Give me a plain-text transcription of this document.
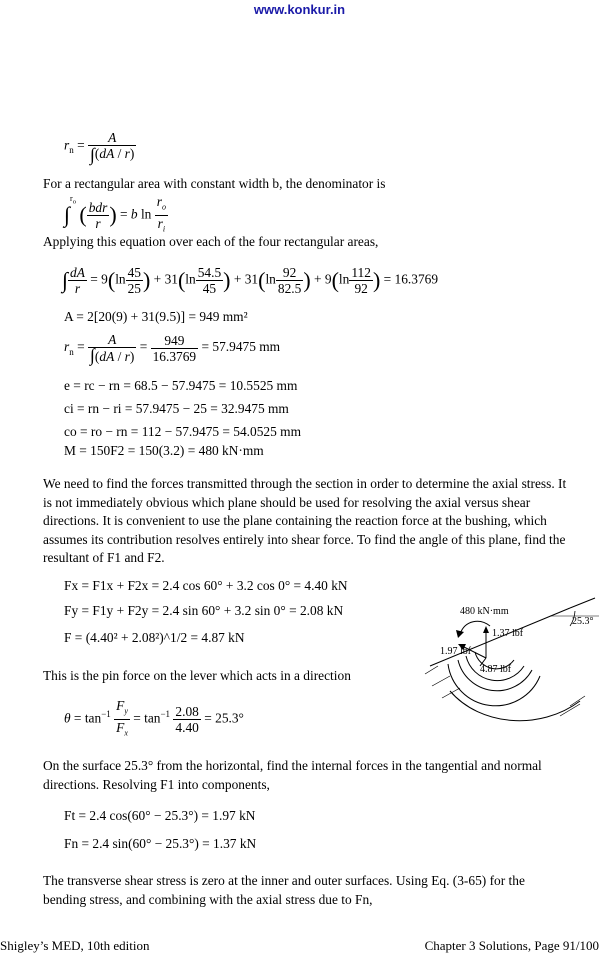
www.konkur.in
$r_n = \frac{A}{\int(dA / r)}$
For a rectangular area with constant width b, the denominator is
∫$^{r_o}$ ( $\frac{\text{bdr}}{r}$ ) = b $\ln \frac{r_o}{r_i}$
Applying this equation over each of the four rectangular areas,
∫ $\frac{dA}{r} = 9(\ln \frac{45}{25}$ ) + $31(\ln \frac{54.5}{45}$ ) + $31(\ln \frac{92}{82.5}$ ) + $9(\ln \frac{112}{92}$ ) = 16.3769
A = 2[20(9) + 31(9.5)] = 949 mm²
$r_n = \frac{A}{\int(dA / r)} = \frac{949}{16.3769} = 57.9475$ mm
e = rc − rn = 68.5 − 57.9475 = 10.5525 mm
ci = rn − ri = 57.9475 − 25 = 32.9475 mm
co = ro − rn = 112 − 57.9475 = 54.0525 mm
M = 150F2 = 150(3.2) = 480 kN·mm
We need to find the forces transmitted through the section in order to determine the axial stress. It is not immediately obvious which plane should be used for resolving the axial versus shear directions. It is convenient to use the plane containing the reaction force at the bushing, which assumes its contribution resolves entirely into shear force. To find the angle of this plane, find the resultant of F1 and F2.
Fx = F1x + F2x = 2.4 cos 60° + 3.2 cos 0° = 4.40 kN
Fy = F1y + F2y = 2.4 sin 60° + 3.2 sin 0° = 2.08 kN
F = (4.40² + 2.08²)^1/2 = 4.87 kN
This is the pin force on the lever which acts in a direction
$\theta = \tan^{-1} \frac{F_y}{F_x} = \tan^{-1} \frac{2.08}{4.40} = 25.3^\circ$
On the surface 25.3° from the horizontal, find the internal forces in the tangential and normal directions. Resolving F1 into components,
Ft = 2.4 cos(60° − 25.3°) = 1.97 kN
Fn = 2.4 sin(60° − 25.3°) = 1.37 kN
The transverse shear stress is zero at the inner and outer surfaces. Using Eq. (3-65) for the bending stress, and combining with the axial stress due to Fn,
480 kN·mm
1.37 lbf
1.97 lbf
4.87 lbf
25.3°
Shigley’s MED, 10th edition	Chapter 3 Solutions, Page 91/100
